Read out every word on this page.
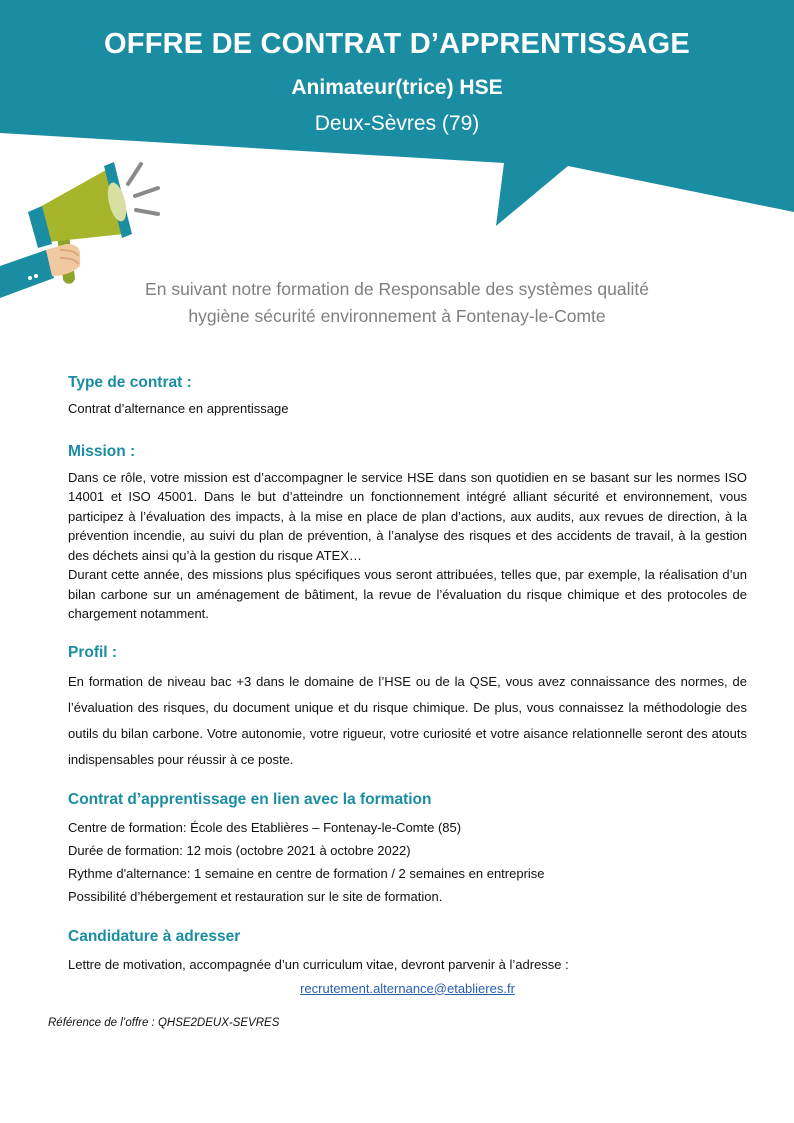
OFFRE DE CONTRAT D’APPRENTISSAGE
Animateur(trice) HSE
Deux-Sèvres (79)
En suivant notre formation de Responsable des systèmes qualité
hygiène sécurité environnement à Fontenay-le-Comte
Type de contrat :

Contrat d’alternance en apprentissage

Mission :

Dans ce rôle, votre mission est d’accompagner le service HSE dans son quotidien en se basant sur les normes ISO 14001 et ISO 45001. Dans le but d’atteindre un fonctionnement intégré alliant sécurité et environnement, vous participez à l’évaluation des impacts, à la mise en place de plan d’actions, aux audits, aux revues de direction, à la prévention incendie, au suivi du plan de prévention, à l’analyse des risques et des accidents de travail, à la gestion des déchets ainsi qu’à la gestion du risque ATEX…

Durant cette année, des missions plus spécifiques vous seront attribuées, telles que, par exemple, la réalisation d’un bilan carbone sur un aménagement de bâtiment, la revue de l’évaluation du risque chimique et des protocoles de chargement notamment.

Profil :

En formation de niveau bac +3 dans le domaine de l’HSE ou de la QSE, vous avez connaissance des normes, de l’évaluation des risques, du document unique et du risque chimique. De plus, vous connaissez la méthodologie des outils du bilan carbone. Votre autonomie, votre rigueur, votre curiosité et votre aisance relationnelle seront des atouts indispensables pour réussir à ce poste.

Contrat d’apprentissage en lien avec la formation

Centre de formation: École des Etablières – Fontenay-le-Comte (85)

Durée de formation: 12 mois (octobre 2021 à octobre 2022)

Rythme d'alternance: 1 semaine en centre de formation / 2 semaines en entreprise

Possibilité d’hébergement et restauration sur le site de formation.

Candidature à adresser

Lettre de motivation, accompagnée d’un curriculum vitae, devront parvenir à l’adresse :

recrutement.alternance@etablieres.fr
Référence de l’offre : QHSE2DEUX-SEVRES
